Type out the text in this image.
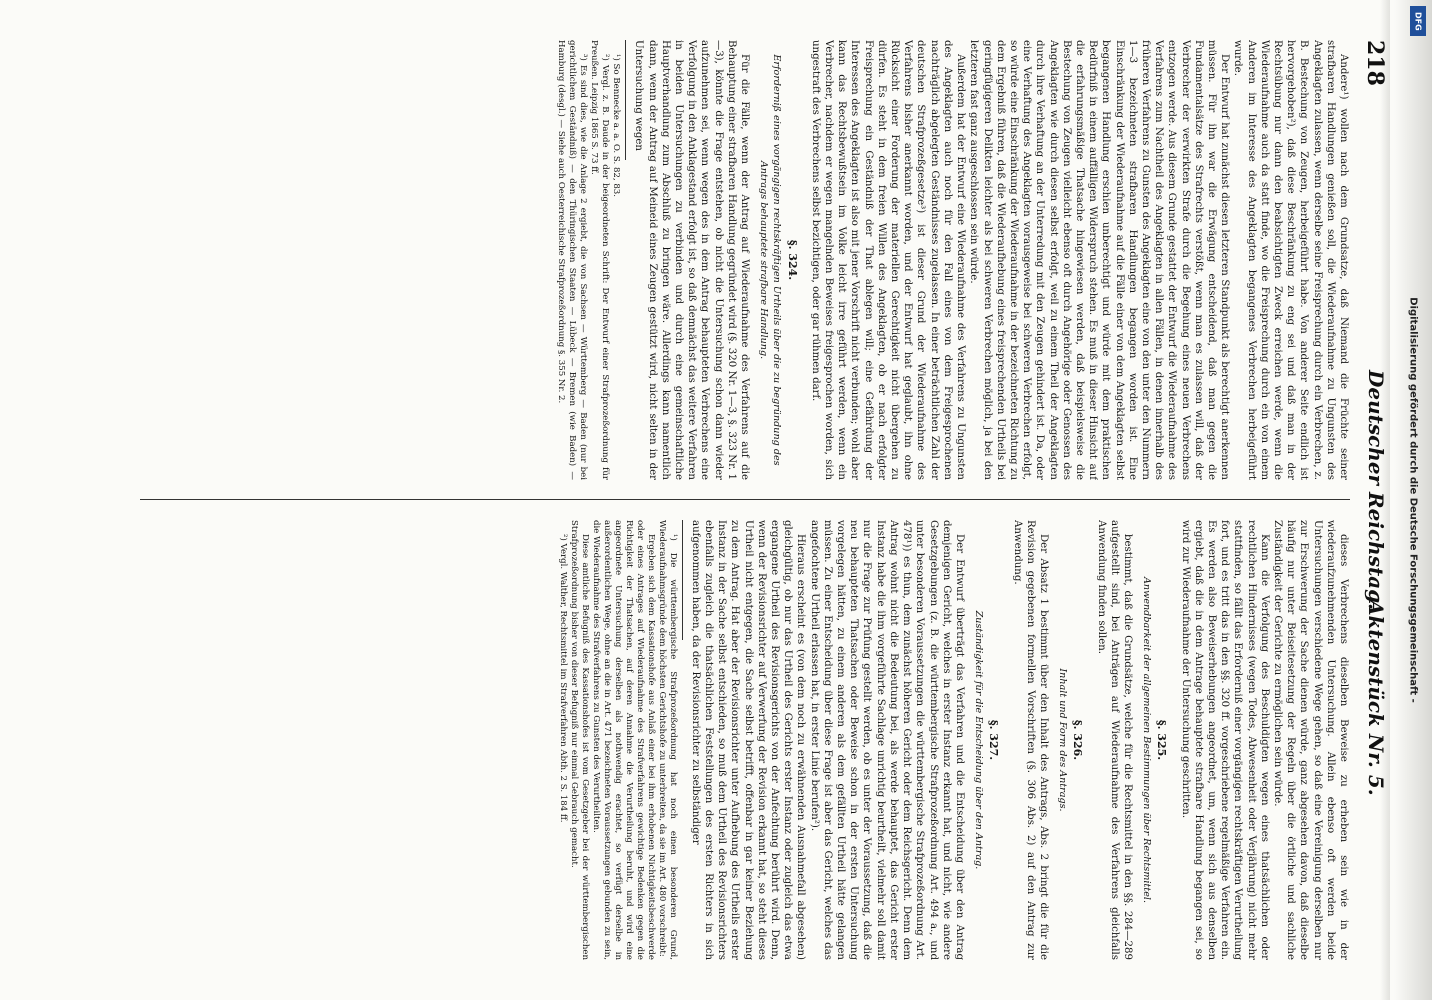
218
Deutscher Reichstag.
Aktenstück Nr. 5.

Andere¹) wollen nach dem Grundsatze, daß Niemand die Früchte seiner strafbaren Handlungen genießen soll, die Wiederaufnahme zu Ungunsten des Angeklagten zulassen, wenn derselbe seine Freisprechung durch ein Verbrechen, z. B. Bestechung von Zeugen, herbeigeführt habe. Von anderer Seite endlich ist hervorgehoben²), daß diese Beschränkung zu eng sei und daß man in der Rechtsübung nur dann den beabsichtigten Zweck erreichen werde, wenn die Wiederaufnahme auch da statt finde, wo die Freisprechung durch ein von einem Anderen im Interesse des Angeklagten begangenes Verbrechen herbeigeführt wurde.

Der Entwurf hat zunächst diesen letzteren Standpunkt als berechtigt anerkennen müssen. Für ihn war die Erwägung entscheidend, daß man gegen die Fundamentalsätze des Strafrechts verstößt, wenn man es zulassen will, daß der Verbrecher der verwirkten Strafe durch die Begehung eines neuen Verbrechens entzogen werde. Aus diesem Grunde gestattet der Entwurf die Wiederaufnahme des Verfahrens zum Nachtheil des Angeklagten in allen Fällen, in denen innerhalb des früheren Verfahrens zu Gunsten des Angeklagten eine von den unter den Nummern 1—3 bezeichneten strafbaren Handlungen begangen worden ist. Eine Einschränkung der Wiederaufnahme auf die Fälle einer von dem Angeklagten selbst begangenen Handlung erschien unberechtigt und würde mit dem praktischen Bedürfniß in einem auffälligen Widerspruch stehen. Es muß in dieser Hinsicht auf die erfahrungsmäßige Thatsache hingewiesen werden, daß beispielsweise die Bestechung von Zeugen vielleicht ebenso oft durch Angehörige oder Genossen des Angeklagten wie durch diesen selbst erfolgt, weil zu einem Theil der Angeklagten durch ihre Verhaftung an der Unterredung mit den Zeugen gehindert ist. Da, oder eine Verhaftung des Angeklagten vorausgeweise bei schweren Verbrechen erfolgt, so würde eine Einschränkung der Wiederaufnahme in der bezeichneten Richtung zu dem Ergebniß führen, daß die Wiederaufhebung eines freisprechenden Urtheils bei geringfügigeren Delikten leichter als bei schweren Verbrechen möglich, ja bei den letzteren fast ganz ausgeschlossen sein würde.

Außerdem hat der Entwurf eine Wiederaufnahme des Verfahrens zu Ungunsten des Angeklagten auch noch für den Fall eines von dem Freigesprochenen nachträglich abgelegten Geständnisses zugelassen. In einer beträchtlichen Zahl der deutschen Strafprozeßgesetze³) ist dieser Grund der Wiederaufnahme des Verfahrens bisher anerkannt worden, und der Entwurf hat geglaubt, ihn ohne Rücksicht einer Forderung der materiellen Gerechtigkeit nicht übergehen zu dürfen. Es steht in dem freien Willen des Angeklagten, ob er nach erfolgter Freisprechung ein Geständniß der That ablegen will; eine Gefährdung der Interessen des Angeklagten ist also mit jener Vorschrift nicht verbunden; wohl aber kann das Rechtsbewußtsein im Volke leicht irre geführt werden, wenn ein Verbrecher, nachdem er wegen mangelnden Beweises freigesprochen worden, sich ungestraft des Verbrechens selbst bezichtigen, oder gar rühmen darf.

§. 324.
Erforderniß eines vorgängigen rechtskräftigen Urtheils über die zu begründung des Antrags behauptete strafbare Handlung.

Für die Fälle, wenn der Antrag auf Wiederaufnahme des Verfahrens auf die Behauptung einer strafbaren Handlung gegründet wird (§. 320 Nr. 1—3, §. 323 Nr. 1—3), könnte die Frage entstehen, ob nicht die Untersuchung schon dann wieder aufzunehmen sei, wenn wegen des in dem Antrag behaupteten Verbrechens eine Verfolgung in den Anklagestand erfolgt ist, so daß demnächst das weitere Verfahren in beiden Untersuchungen zu verbinden und durch eine gemeinschaftliche Hauptverhandlung zum Abschluß zu bringen wäre. Allerdings kann namentlich dann, wenn der Antrag auf Meineid eines Zeugen gestützt wird, nicht selten in der Untersuchung wegen

¹) So Bennecke a. a. O. S. 82, 83.

²) Vergl. z. B. Daude in der beigeordneten Schrift: Der Entwurf einer Strafprozeßordnung für Preußen. Leipzig 1865 S. 73 ff.

³) Es sind dies, wie die Anlage 2 ergiebt, die von Sachsen — Württemberg — Baden (nur bei gerichtlichem Geständniß) — den Thüringischen Staaten — Lübeck — Bremen (wie Baden) — Hamburg (desgl.) — Siehe auch Oesterreichische Strafprozeßordnung §. 355 Nr. 2.

dieses Verbrechens dieselben Beweise zu erheben sein wie in der wiederaufzunehmenden Untersuchung. Allein ebenso oft werden beide Untersuchungen verschiedene Wege gehen, so daß eine Vereinigung derselben nur zur Erschwerung der Sache dienen würde, ganz abgesehen davon, daß dieselbe häufig nur unter Beiseitesetzung der Regeln über die örtliche und sachliche Zuständigkeit der Gerichte zu ermöglichen sein würde.

Kann die Verfolgung des Beschuldigten wegen eines thatsächlichen oder rechtlichen Hindernisses (wegen Todes, Abwesenheit oder Verjährung) nicht mehr stattfinden, so fällt das Erforderniß einer vorgängigen rechtskräftigen Verurtheilung fort, und es tritt das in den §§. 320 ff. vorgeschriebene regelmäßige Verfahren ein. Es werden also Beweiserhebungen angeordnet, um, wenn sich aus denselben ergiebt, daß die in dem Antrage behauptete strafbare Handlung begangen sei, so wird zur Wiederaufnahme der Untersuchung geschritten.

§. 325.
Anwendbarkeit der allgemeinen Bestimmungen über Rechtsmittel.

bestimmt, daß die Grundsätze, welche für die Rechtsmittel in den §§. 284—289 aufgestellt sind, bei Anträgen auf Wiederaufnahme des Verfahrens gleichfalls Anwendung finden sollen.

§. 326.
Inhalt und Form des Antrags.

Der Absatz 1 bestimmt über den Inhalt des Antrags, Abs. 2 bringt die für die Revision gegebenen formellen Vorschriften (§. 306 Abs. 2) auf den Antrag zur Anwendung.

§. 327.
Zuständigkeit für die Entscheidung über den Antrag.

Der Entwurf überträgt das Verfahren und die Entscheidung über den Antrag demjenigen Gericht, welches in erster Instanz erkannt hat, und nicht, wie andere Gesetzgebungen (z. B. die württembergische Strafprozeßordnung Art. 494 a., und unter besonderen Voraussetzungen die württembergische Strafprozeßordnung Art. 478¹)) es thun, dem zunächst höheren Gericht oder dem Reichsgericht. Denn dem Antrag wohnt nicht die Bedeutung bei, als werde behauptet, das Gericht erster Instanz habe die ihm vorgeführte Sachlage unrichtig beurtheilt, vielmehr soll damit nur die Frage zur Prüfung gestellt werden, ob es unter der Voraussetzung, daß die neu behaupteten Thatsachen oder Beweise schon in der ersten Untersuchung vorgelegen hätten, zu einem anderen als dem gefällten Urtheil hätte gelangen müssen. Zu einer Entscheidung über diese Frage ist aber das Gericht, welches das angefochtene Urtheil erlassen hat, in erster Linie berufen²).

Hieraus erscheint es (von dem noch zu erwähnenden Ausnahmefall abgesehen) gleichgültig, ob nur das Urtheil des Gerichts erster Instanz oder zugleich das etwa ergangene Urtheil des Revisionsgerichts von der Anfechtung berührt wird. Denn, wenn der Revisionsrichter auf Verwerfung der Revision erkannt hat, so steht dieses Urtheil nicht entgegen, die Sache selbst betrifft, offenbar in gar keiner Beziehung zu dem Antrag. Hat aber der Revisionsrichter unter Aufhebung des Urtheils erster Instanz in der Sache selbst entschieden, so muß dem Urtheil des Revisionsrichters ebenfalls zugleich die thatsächlichen Feststellungen des ersten Richters in sich aufgenommen haben, da der Revisionsrichter zu selbständiger

¹) Die württembergische Strafprozeßordnung hat noch einen besonderen Grund, Wiederaufnahmsgründe dem höchsten Gerichtshofe zu unterbreiten, da sie im Art. 480 vorschreibt:

Ergeben sich dem Kassationshofe aus Anlaß einer bei ihm erhobenen Nichtigkeitsbeschwerde oder eines Antrages auf Wiederaufnahme des Strafverfahrens gewichtige Bedenken gegen die Richtigkeit der Thatsachen, auf deren Annahme die Verurtheilung beruht, und wird eine angeordnete Untersuchung derselben als nothwendig erachtet, so verfügt derselbe in außerordentlichen Wege, ohne an die in Art. 471 bezeichneten Voraussetzungen gebunden zu sein, die Wiederaufnahme des Strafverfahrens zu Gunsten des Verurtheilten.

Diese amtliche Befugniß des Kassationshofes ist vom Gesetzgeber bei der württembergischen Strafprozeßordnung bisher von dieser Befugniß nur einmal Gebrauch gemacht.

²) Vergl. Walther, Rechtsmittel im Strafverfahren Abth. 2 S. 184 ff.

DFG
Digitalisierung gefördert durch die Deutsche Forschungsgemeinschaft -
